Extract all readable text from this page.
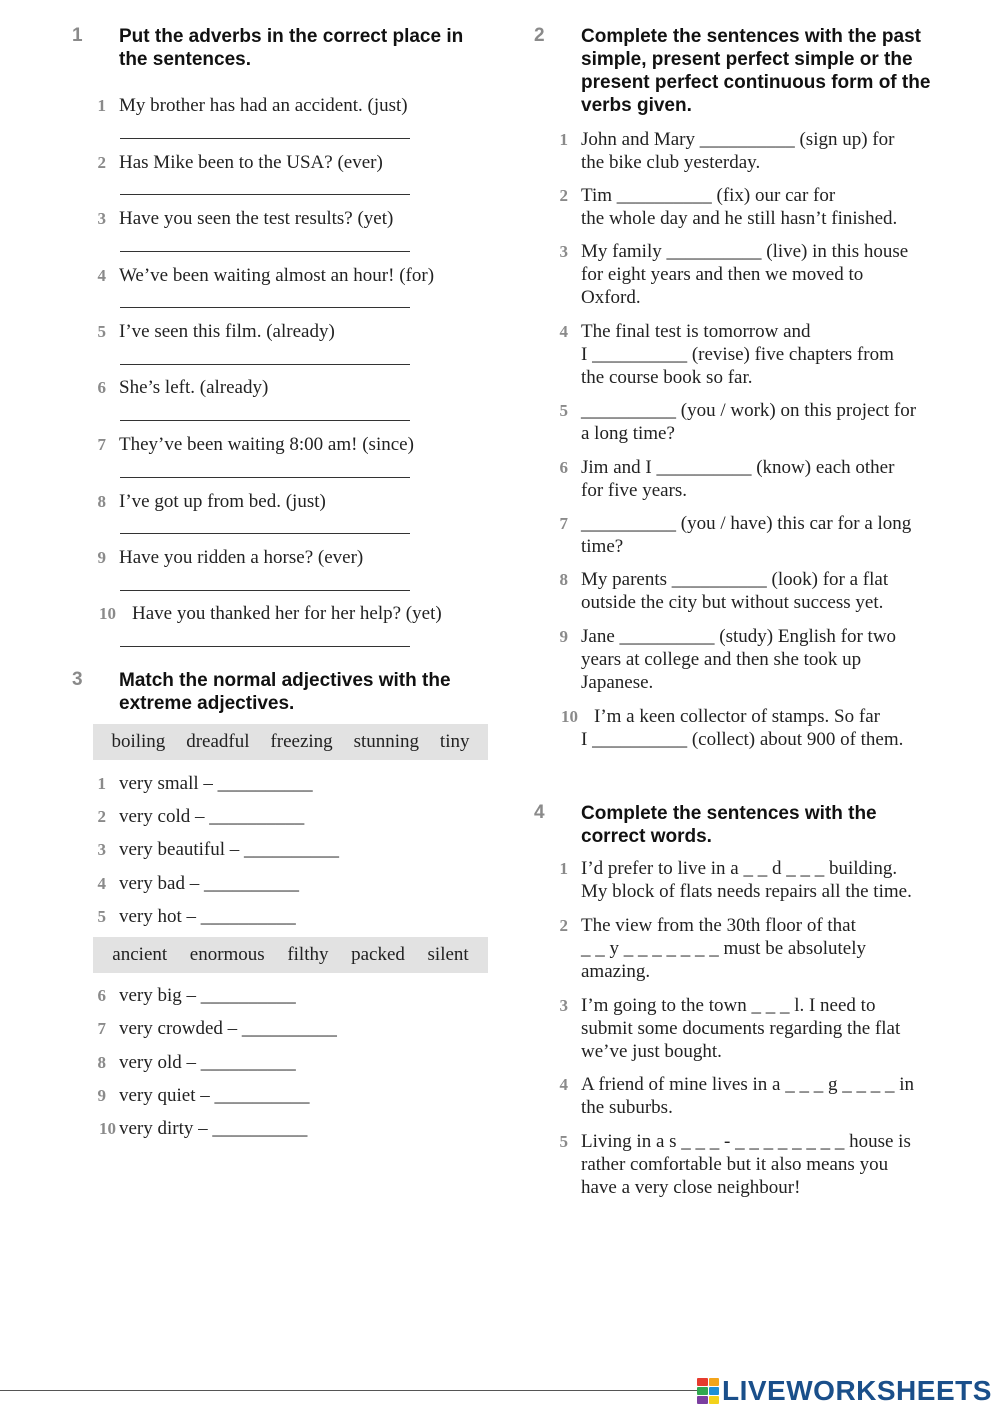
1 Put the adverbs in the correct place in the sentences.
1 My brother has had an accident. (just)
2 Has Mike been to the USA? (ever)
3 Have you seen the test results? (yet)
4 We’ve been waiting almost an hour! (for)
5 I’ve seen this film. (already)
6 She’s left. (already)
7 They’ve been waiting 8:00 am! (since)
8 I’ve got up from bed. (just)
9 Have you ridden a horse? (ever)
10 Have you thanked her for her help? (yet)
3 Match the normal adjectives with the extreme adjectives.
boiling dreadful freezing stunning tiny
1 very small – __________
2 very cold – __________
3 very beautiful – __________
4 very bad – __________
5 very hot – __________
ancient enormous filthy packed silent
6 very big – __________
7 very crowded – __________
8 very old – __________
9 very quiet – __________
10 very dirty – __________
2 Complete the sentences with the past simple, present perfect simple or the present perfect continuous form of the verbs given.
1 John and Mary __________ (sign up) for
the bike club yesterday.
2 Tim __________ (fix) our car for
the whole day and he still hasn’t finished.
3 My family __________ (live) in this house
for eight years and then we moved to
Oxford.
4 The final test is tomorrow and
I __________ (revise) five chapters from
the course book so far.
5 __________ (you / work) on this project for
a long time?
6 Jim and I __________ (know) each other
for five years.
7 __________ (you / have) this car for a long
time?
8 My parents __________ (look) for a flat
outside the city but without success yet.
9 Jane __________ (study) English for two
years at college and then she took up
Japanese.
10 I’m a keen collector of stamps. So far
I __________ (collect) about 900 of them.
4 Complete the sentences with the correct words.
1 I’d prefer to live in a _ _ d _ _ _ building.
My block of flats needs repairs all the time.
2 The view from the 30th floor of that
_ _ y _ _ _ _ _ _ _ must be absolutely
amazing.
3 I’m going to the town _ _ _ l. I need to
submit some documents regarding the flat
we’ve just bought.
4 A friend of mine lives in a _ _ _ g _ _ _ _ in
the suburbs.
5 Living in a s _ _ _ - _ _ _ _ _ _ _ _ house is
rather comfortable but it also means you
have a very close neighbour!
LIVEWORKSHEETS
